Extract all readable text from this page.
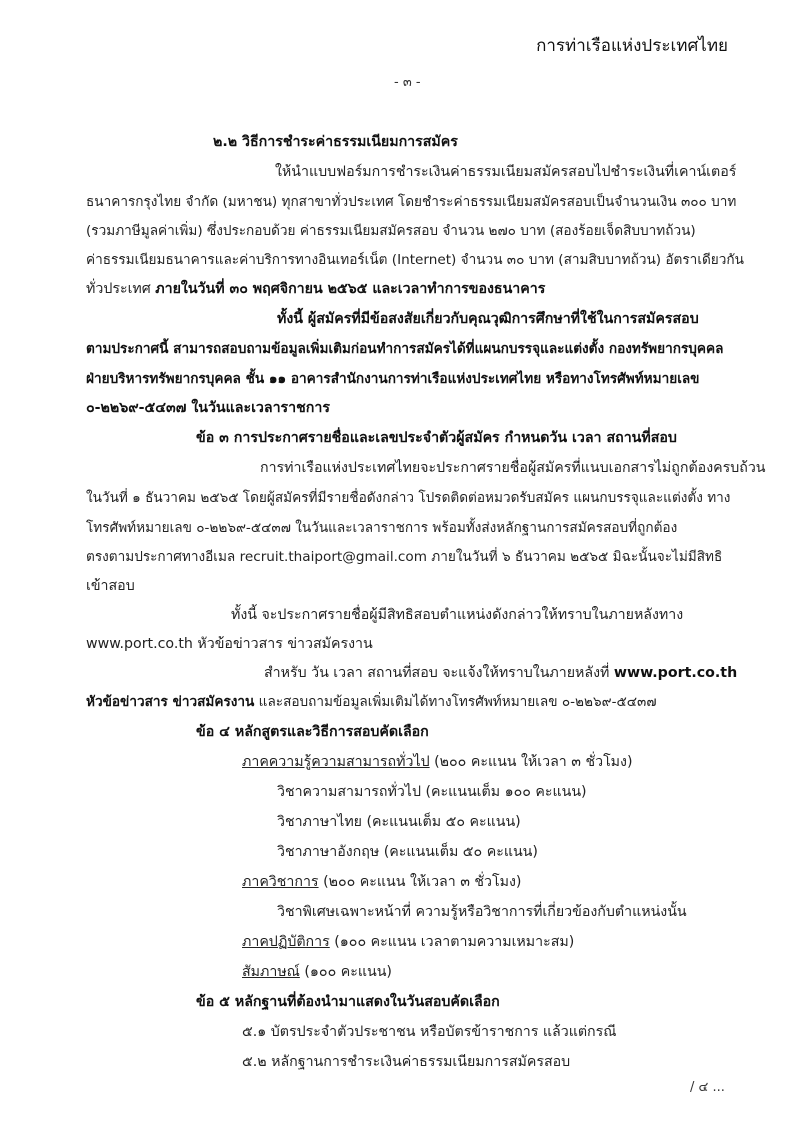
การท่าเรือแห่งประเทศไทย
- ๓ -
๒.๒ วิธีการชำระค่าธรรมเนียมการสมัคร
ให้นำแบบฟอร์มการชำระเงินค่าธรรมเนียมสมัครสอบไปชำระเงินที่เคาน์เตอร์
ธนาคารกรุงไทย จำกัด (มหาชน) ทุกสาขาทั่วประเทศ โดยชำระค่าธรรมเนียมสมัครสอบเป็นจำนวนเงิน ๓๐๐ บาท
(รวมภาษีมูลค่าเพิ่ม) ซึ่งประกอบด้วย ค่าธรรมเนียมสมัครสอบ จำนวน ๒๗๐ บาท (สองร้อยเจ็ดสิบบาทถ้วน)
ค่าธรรมเนียมธนาคารและค่าบริการทางอินเทอร์เน็ต (Internet) จำนวน ๓๐ บาท (สามสิบบาทถ้วน) อัตราเดียวกัน
ทั่วประเทศ ภายในวันที่ ๓๐ พฤศจิกายน ๒๕๖๕ และเวลาทำการของธนาคาร
ทั้งนี้ ผู้สมัครที่มีข้อสงสัยเกี่ยวกับคุณวุฒิการศึกษาที่ใช้ในการสมัครสอบ
ตามประกาศนี้ สามารถสอบถามข้อมูลเพิ่มเติมก่อนทำการสมัครได้ที่แผนกบรรจุและแต่งตั้ง กองทรัพยากรบุคคล
ฝ่ายบริหารทรัพยากรบุคคล ชั้น ๑๑ อาคารสำนักงานการท่าเรือแห่งประเทศไทย หรือทางโทรศัพท์หมายเลข
๐-๒๒๖๙-๕๔๓๗ ในวันและเวลาราชการ
ข้อ ๓ การประกาศรายชื่อและเลขประจำตัวผู้สมัคร กำหนดวัน เวลา สถานที่สอบ
การท่าเรือแห่งประเทศไทยจะประกาศรายชื่อผู้สมัครที่แนบเอกสารไม่ถูกต้องครบถ้วน
ในวันที่ ๑ ธันวาคม ๒๕๖๕ โดยผู้สมัครที่มีรายชื่อดังกล่าว โปรดติดต่อหมวดรับสมัคร แผนกบรรจุและแต่งตั้ง ทาง
โทรศัพท์หมายเลข ๐-๒๒๖๙-๕๔๓๗ ในวันและเวลาราชการ พร้อมทั้งส่งหลักฐานการสมัครสอบที่ถูกต้อง
ตรงตามประกาศทางอีเมล recruit.thaiport@gmail.com ภายในวันที่ ๖ ธันวาคม ๒๕๖๕ มิฉะนั้นจะไม่มีสิทธิ
เข้าสอบ
ทั้งนี้ จะประกาศรายชื่อผู้มีสิทธิสอบตำแหน่งดังกล่าวให้ทราบในภายหลังทาง
www.port.co.th หัวข้อข่าวสาร ข่าวสมัครงาน
สำหรับ วัน เวลา สถานที่สอบ จะแจ้งให้ทราบในภายหลังที่ www.port.co.th
หัวข้อข่าวสาร ข่าวสมัครงาน และสอบถามข้อมูลเพิ่มเติมได้ทางโทรศัพท์หมายเลข ๐-๒๒๖๙-๕๔๓๗
ข้อ ๔ หลักสูตรและวิธีการสอบคัดเลือก
ภาคความรู้ความสามารถทั่วไป (๒๐๐ คะแนน ให้เวลา ๓ ชั่วโมง)
วิชาความสามารถทั่วไป (คะแนนเต็ม ๑๐๐ คะแนน)
วิชาภาษาไทย (คะแนนเต็ม ๕๐ คะแนน)
วิชาภาษาอังกฤษ (คะแนนเต็ม ๕๐ คะแนน)
ภาควิชาการ (๒๐๐ คะแนน ให้เวลา ๓ ชั่วโมง)
วิชาพิเศษเฉพาะหน้าที่ ความรู้หรือวิชาการที่เกี่ยวข้องกับตำแหน่งนั้น
ภาคปฏิบัติการ (๑๐๐ คะแนน เวลาตามความเหมาะสม)
สัมภาษณ์ (๑๐๐ คะแนน)
ข้อ ๕ หลักฐานที่ต้องนำมาแสดงในวันสอบคัดเลือก
๕.๑ บัตรประจำตัวประชาชน หรือบัตรข้าราชการ แล้วแต่กรณี
๕.๒ หลักฐานการชำระเงินค่าธรรมเนียมการสมัครสอบ
/ ๔ ...
